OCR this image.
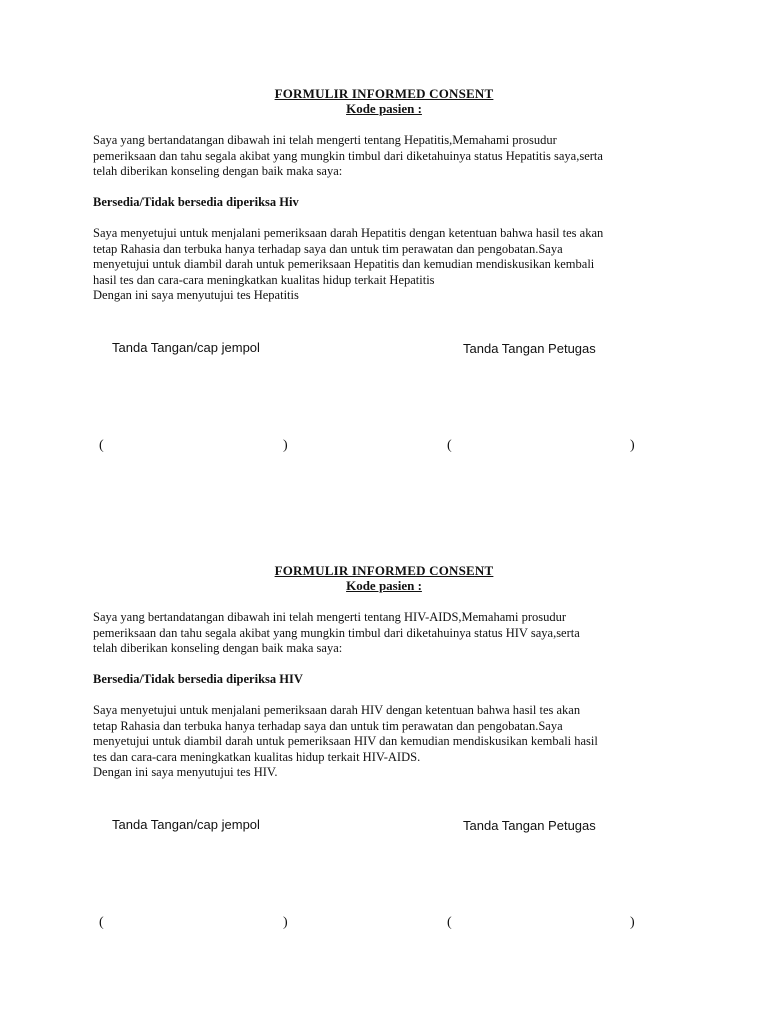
FORMULIR INFORMED CONSENT

Kode pasien :

Saya yang bertandatangan dibawah ini telah mengerti tentang Hepatitis,Memahami prosudur
pemeriksaan dan tahu segala akibat yang mungkin timbul dari diketahuinya status Hepatitis saya,serta
telah diberikan konseling dengan baik maka saya:

Bersedia/Tidak bersedia diperiksa Hiv

Saya menyetujui untuk menjalani pemeriksaan darah Hepatitis dengan ketentuan bahwa hasil tes akan
tetap Rahasia dan terbuka hanya terhadap saya dan untuk tim perawatan dan pengobatan.Saya
menyetujui untuk diambil darah untuk pemeriksaan Hepatitis dan kemudian mendiskusikan kembali
hasil tes dan cara-cara meningkatkan kualitas hidup terkait Hepatitis
Dengan ini saya menyutujui tes Hepatitis

Tanda Tangan/cap jempol	Tanda Tangan Petugas

(	)	(	)

FORMULIR INFORMED CONSENT

Kode pasien :

Saya yang bertandatangan dibawah ini telah mengerti tentang HIV-AIDS,Memahami prosudur
pemeriksaan dan tahu segala akibat yang mungkin timbul dari diketahuinya status HIV saya,serta
telah diberikan konseling dengan baik maka saya:

Bersedia/Tidak bersedia diperiksa HIV

Saya menyetujui untuk menjalani pemeriksaan darah HIV dengan ketentuan bahwa hasil tes akan
tetap Rahasia dan terbuka hanya terhadap saya dan untuk tim perawatan dan pengobatan.Saya
menyetujui untuk diambil darah untuk pemeriksaan HIV dan kemudian mendiskusikan kembali hasil
tes dan cara-cara meningkatkan kualitas hidup terkait HIV-AIDS.
Dengan ini saya menyutujui tes HIV.

Tanda Tangan/cap jempol	Tanda Tangan Petugas

(	)	(	)
